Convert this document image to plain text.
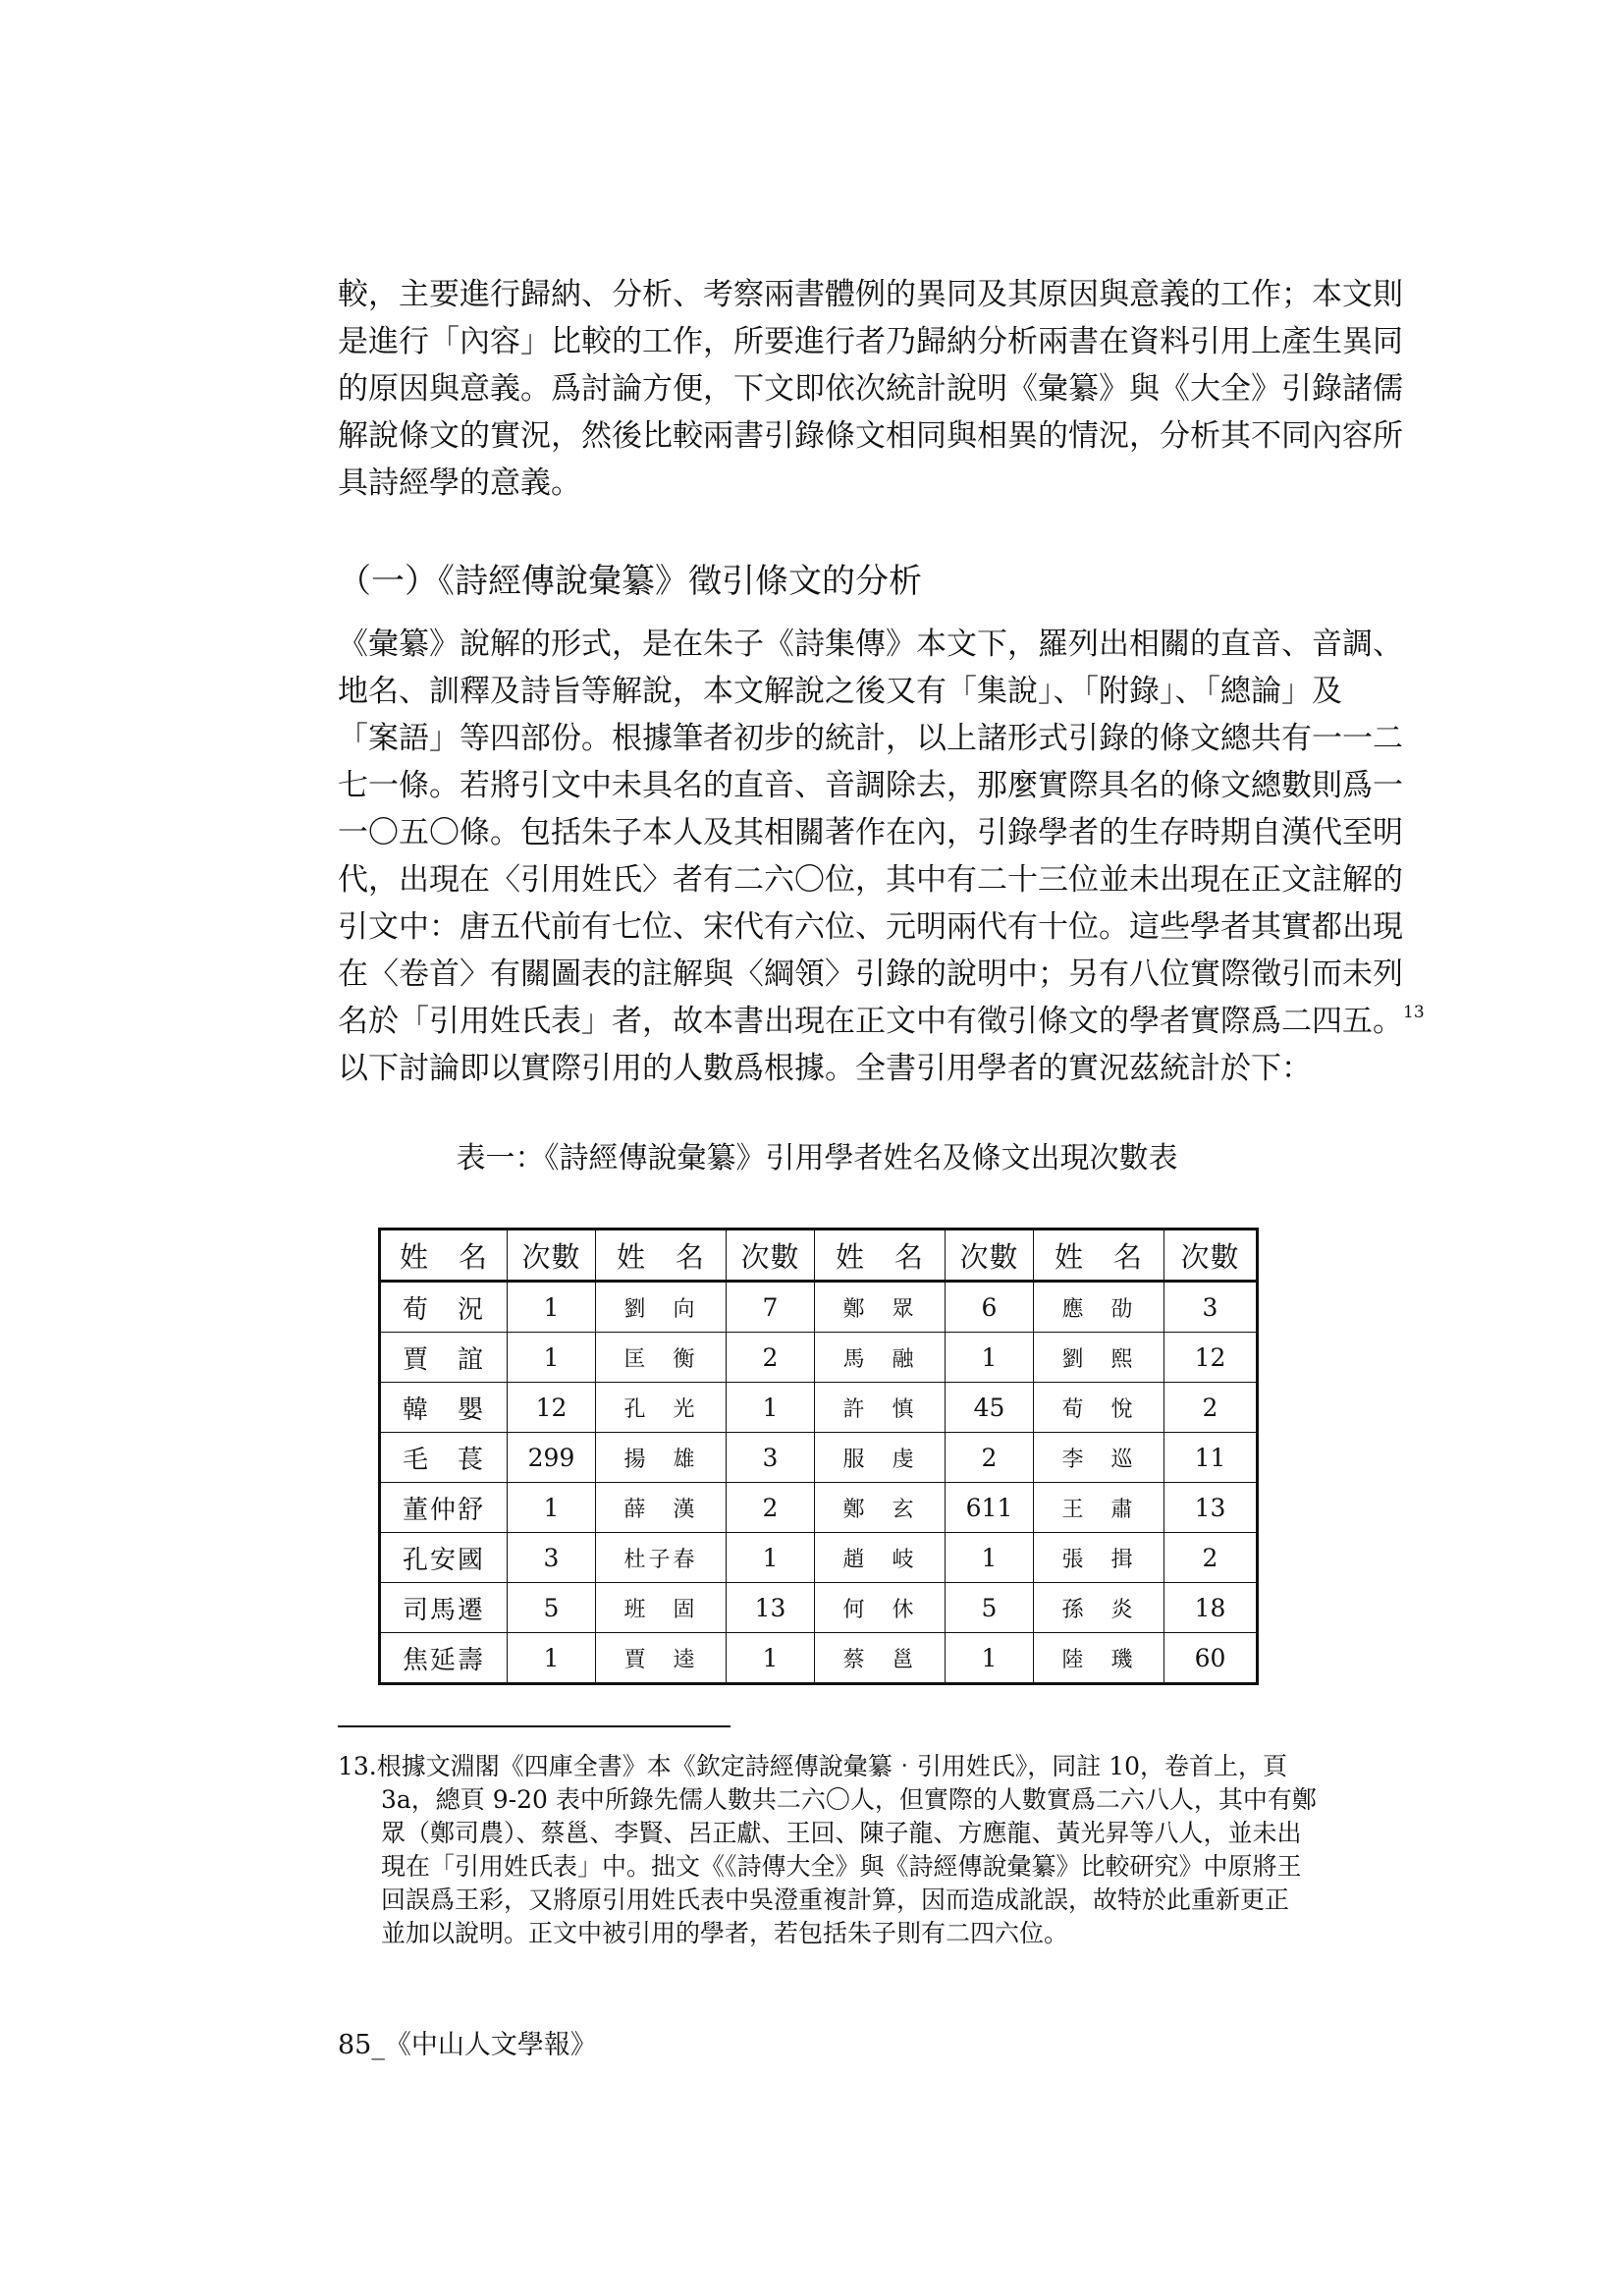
較，主要進行歸納、分析、考察兩書體例的異同及其原因與意義的工作；本文則
是進行「內容」比較的工作，所要進行者乃歸納分析兩書在資料引用上產生異同
的原因與意義。爲討論方便，下文即依次統計說明《彙纂》與《大全》引錄諸儒
解說條文的實況，然後比較兩書引錄條文相同與相異的情況，分析其不同內容所
具詩經學的意義。
（一）《詩經傳說彙纂》徵引條文的分析
《彙纂》說解的形式，是在朱子《詩集傳》本文下，羅列出相關的直音、音調、
地名、訓釋及詩旨等解說，本文解說之後又有「集說」、「附錄」、「總論」及
「案語」等四部份。根據筆者初步的統計，以上諸形式引錄的條文總共有一一二
七一條。若將引文中未具名的直音、音調除去，那麼實際具名的條文總數則爲一
一〇五〇條。包括朱子本人及其相關著作在內，引錄學者的生存時期自漢代至明
代，出現在〈引用姓氏〉者有二六〇位，其中有二十三位並未出現在正文註解的
引文中：唐五代前有七位、宋代有六位、元明兩代有十位。這些學者其實都出現
在〈卷首〉有關圖表的註解與〈綱領〉引錄的說明中；另有八位實際徵引而未列
名於「引用姓氏表」者，故本書出現在正文中有徵引條文的學者實際爲二四五。$^{13}$
以下討論即以實際引用的人數爲根據。全書引用學者的實況茲統計於下：

表一：《詩經傳說彙纂》引用學者姓名及條文出現次數表

姓　名	次數	姓　名	次數	姓　名	次數	姓　名	次數
荀　況	1	劉　向	7	鄭　眾	6	應　劭	3
賈　誼	1	匡　衡	2	馬　融	1	劉　熙	12
韓　嬰	12	孔　光	1	許　慎	45	荀　悅	2
毛　萇	299	揚　雄	3	服　虔	2	李　巡	11
董仲舒	1	薛　漢	2	鄭　玄	611	王　肅	13
孔安國	3	杜子春	1	趙　岐	1	張　揖	2
司馬遷	5	班　固	13	何　休	5	孫　炎	18
焦延壽	1	賈　逵	1	蔡　邕	1	陸　璣	60
13.根據文淵閣《四庫全書》本《欽定詩經傳說彙纂‧引用姓氏》，同註 10，卷首上，頁
3a，總頁 9-20 表中所錄先儒人數共二六〇人，但實際的人數實爲二六八人，其中有鄭
眾（鄭司農）、蔡邕、李賢、呂正獻、王回、陳子龍、方應龍、黃光昇等八人，並未出
現在「引用姓氏表」中。拙文《《詩傳大全》與《詩經傳說彙纂》比較研究》中原將王
回誤爲王彩，又將原引用姓氏表中吳澄重複計算，因而造成訛誤，故特於此重新更正
並加以說明。正文中被引用的學者，若包括朱子則有二四六位。

85_《中山人文學報》
